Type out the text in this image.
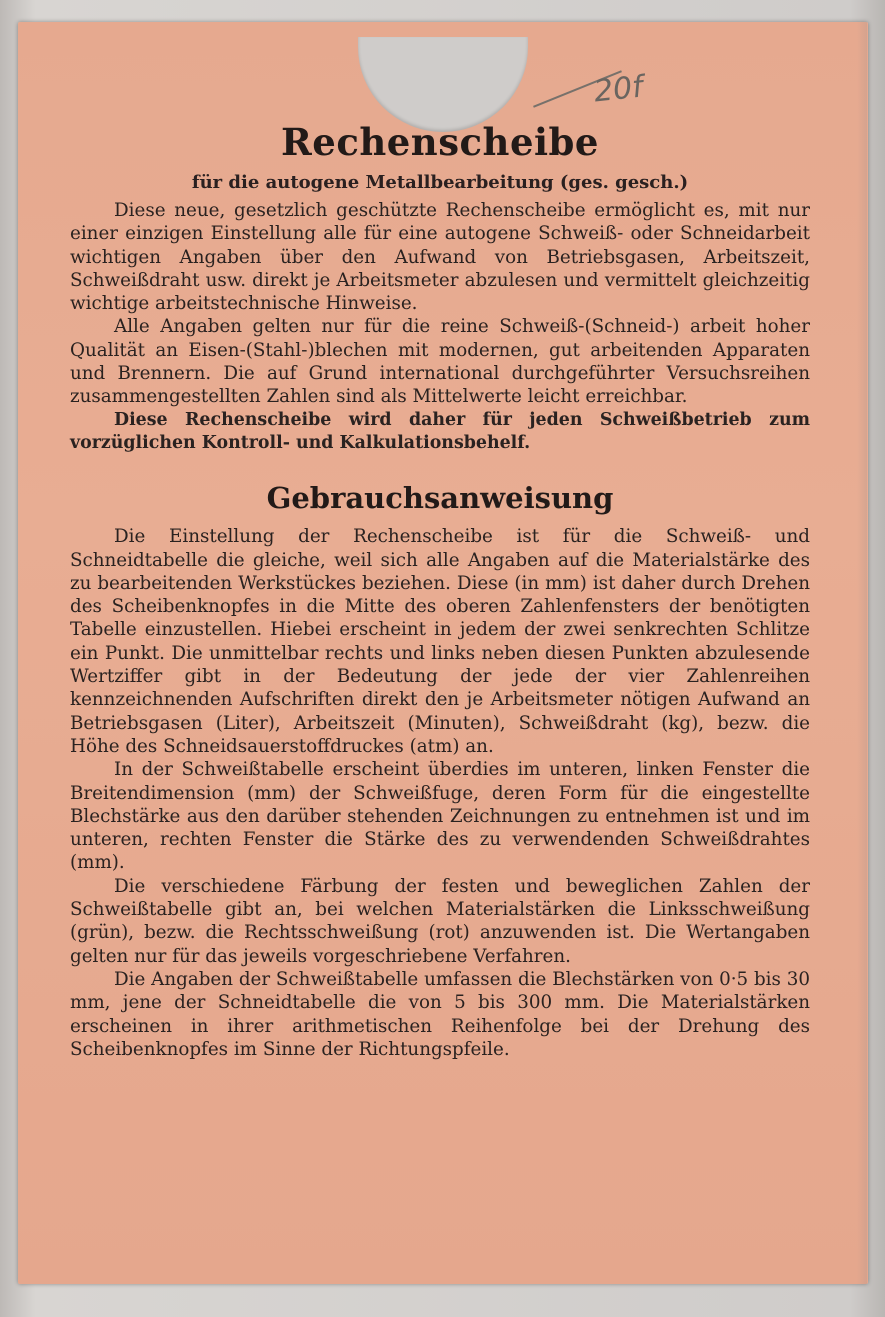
20f
Rechenscheibe
für die autogene Metallbearbeitung (ges. gesch.)

Diese neue, gesetzlich geschützte Rechenscheibe ermöglicht es, mit nur einer einzigen Einstellung alle für eine autogene Schweiß- oder Schneidarbeit wichtigen Angaben über den Aufwand von Betriebsgasen, Arbeitszeit, Schweißdraht usw. direkt je Arbeitsmeter abzulesen und vermittelt gleichzeitig wichtige arbeitstechnische Hinweise.

Alle Angaben gelten nur für die reine Schweiß-(Schneid-) arbeit hoher Qualität an Eisen-(Stahl-)blechen mit modernen, gut arbeitenden Apparaten und Brennern. Die auf Grund international durchgeführter Versuchsreihen zusammengestellten Zahlen sind als Mittelwerte leicht erreichbar.

Diese Rechenscheibe wird daher für jeden Schweißbetrieb zum vorzüglichen Kontroll- und Kalkulationsbehelf.

Gebrauchsanweisung

Die Einstellung der Rechenscheibe ist für die Schweiß- und Schneidtabelle die gleiche, weil sich alle Angaben auf die Materialstärke des zu bearbeitenden Werkstückes beziehen. Diese (in mm) ist daher durch Drehen des Scheibenknopfes in die Mitte des oberen Zahlenfensters der benötigten Tabelle einzustellen. Hiebei erscheint in jedem der zwei senkrechten Schlitze ein Punkt. Die unmittelbar rechts und links neben diesen Punkten abzulesende Wertziffer gibt in der Bedeutung der jede der vier Zahlenreihen kennzeichnenden Aufschriften direkt den je Arbeitsmeter nötigen Aufwand an Betriebsgasen (Liter), Arbeitszeit (Minuten), Schweißdraht (kg), bezw. die Höhe des Schneidsauerstoffdruckes (atm) an.

In der Schweißtabelle erscheint überdies im unteren, linken Fenster die Breitendimension (mm) der Schweißfuge, deren Form für die eingestellte Blechstärke aus den darüber stehenden Zeichnungen zu entnehmen ist und im unteren, rechten Fenster die Stärke des zu verwendenden Schweißdrahtes (mm).

Die verschiedene Färbung der festen und beweglichen Zahlen der Schweißtabelle gibt an, bei welchen Materialstärken die Linksschweißung (grün), bezw. die Rechtsschweißung (rot) anzuwenden ist. Die Wertangaben gelten nur für das jeweils vorgeschriebene Verfahren.

Die Angaben der Schweißtabelle umfassen die Blechstärken von 0·5 bis 30 mm, jene der Schneidtabelle die von 5 bis 300 mm. Die Materialstärken erscheinen in ihrer arithmetischen Reihenfolge bei der Drehung des Scheibenknopfes im Sinne der Richtungspfeile.
